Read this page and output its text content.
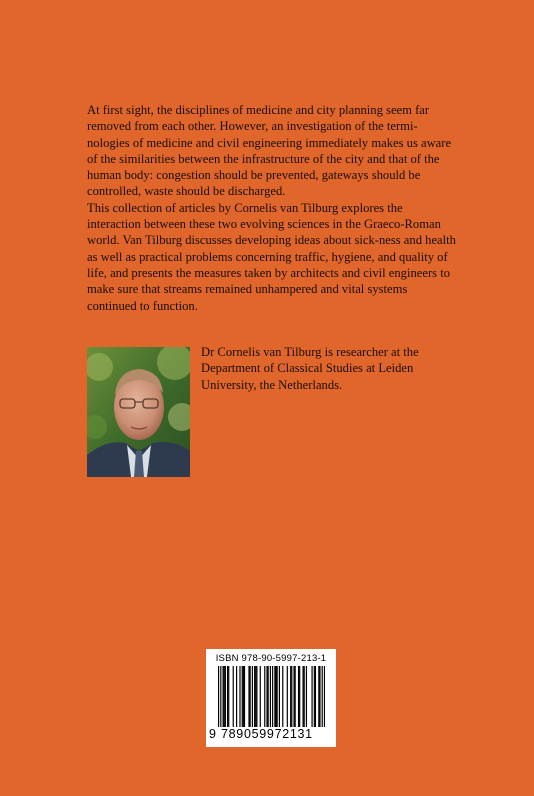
At first sight, the disciplines of medicine and city planning seem far removed from each other. However, an investigation of the termi-nologies of medicine and civil engineering immediately makes us aware of the similarities between the infrastructure of the city and that of the human body: congestion should be prevented, gateways should be controlled, waste should be discharged.

This collection of articles by Cornelis van Tilburg explores the interaction between these two evolving sciences in the Graeco-Roman world. Van Tilburg discusses developing ideas about sick-ness and health as well as practical problems concerning traffic, hygiene, and quality of life, and presents the measures taken by architects and civil engineers to make sure that streams remained unhampered and vital systems continued to function.

Dr Cornelis van Tilburg is researcher at the Department of Classical Studies at Leiden University, the Netherlands.
ISBN 978-90-5997-213-1
9 789059972131
